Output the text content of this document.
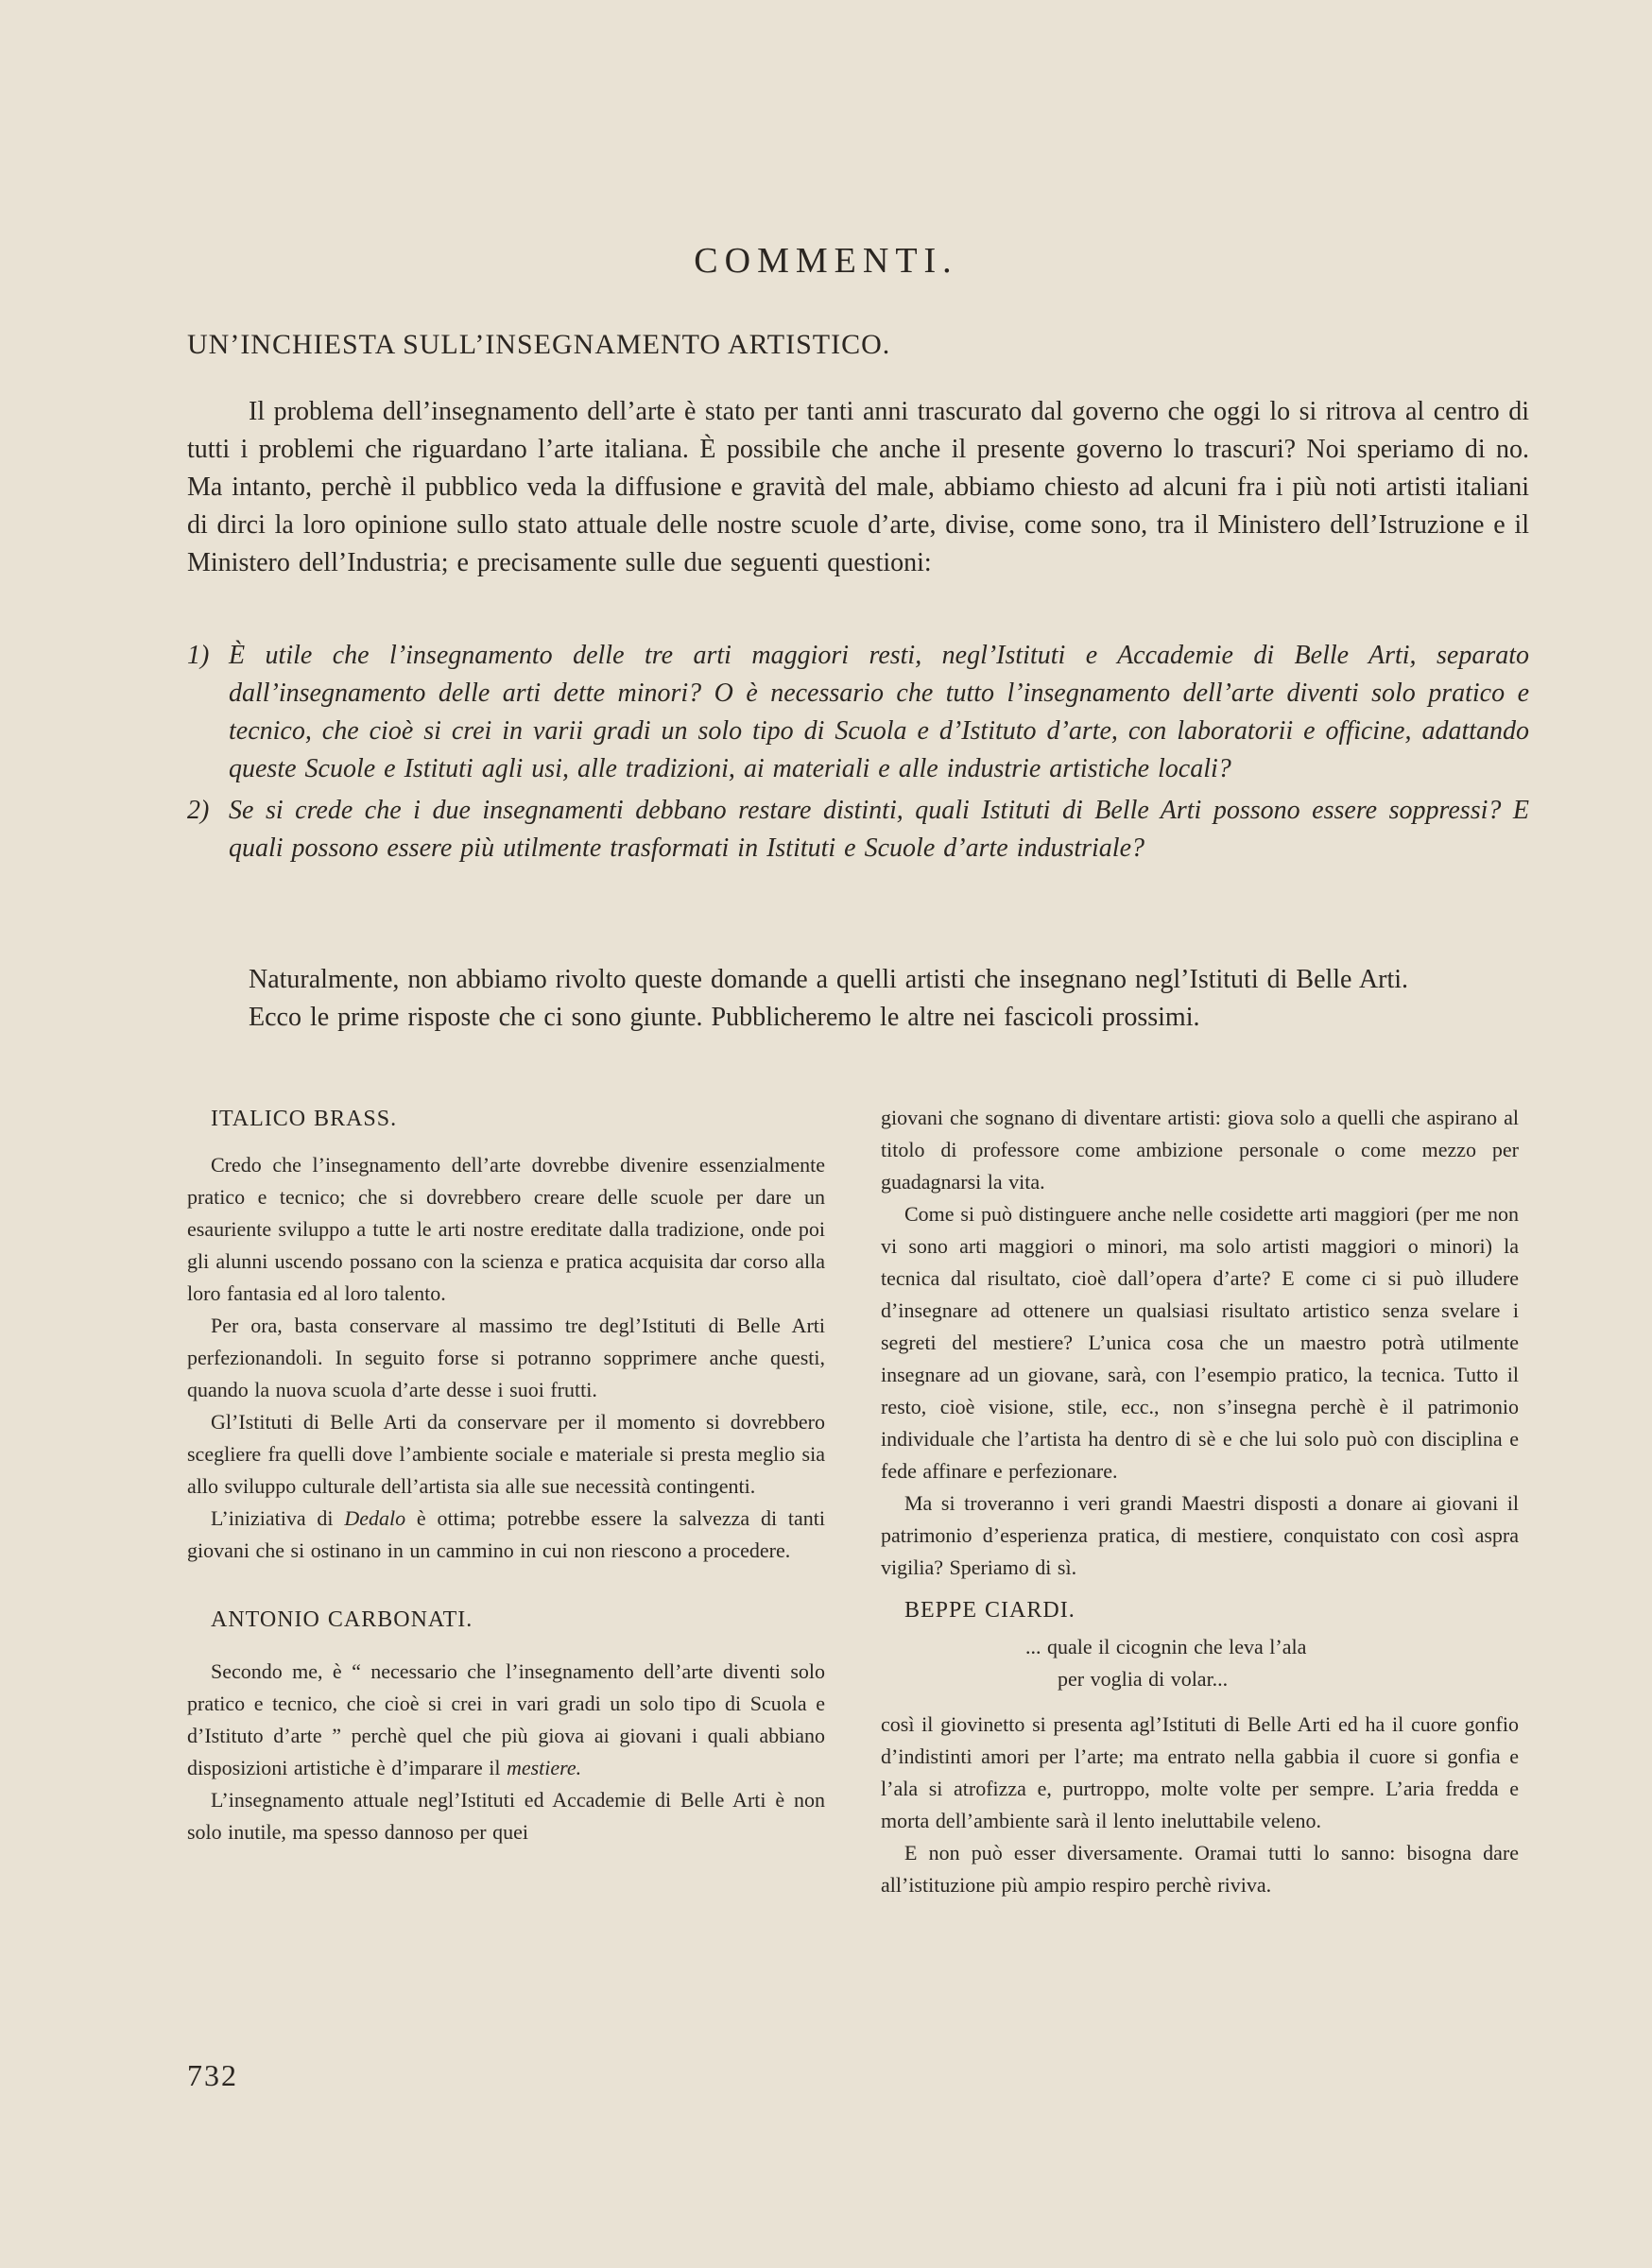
COMMENTI.
UN’INCHIESTA SULL’INSEGNAMENTO ARTISTICO.

Il problema dell’insegnamento dell’arte è stato per tanti anni trascurato dal governo che oggi lo si ritrova al centro di tutti i problemi che riguardano l’arte italiana. È possibile che anche il presente governo lo trascuri? Noi speriamo di no. Ma intanto, perchè il pubblico veda la diffusione e gravità del male, abbiamo chiesto ad alcuni fra i più noti artisti italiani di dirci la loro opinione sullo stato attuale delle nostre scuole d’arte, divise, come sono, tra il Ministero dell’Istruzione e il Ministero dell’Industria; e precisamente sulle due seguenti questioni:

1) È utile che l’insegnamento delle tre arti maggiori resti, negl’Istituti e Accademie di Belle Arti, separato dall’insegnamento delle arti dette minori? O è necessario che tutto l’insegnamento dell’arte diventi solo pratico e tecnico, che cioè si crei in varii gradi un solo tipo di Scuola e d’Istituto d’arte, con laboratorii e officine, adattando queste Scuole e Istituti agli usi, alle tradizioni, ai materiali e alle industrie artistiche locali?
2) Se si crede che i due insegnamenti debbano restare distinti, quali Istituti di Belle Arti possono essere soppressi? E quali possono essere più utilmente trasformati in Istituti e Scuole d’arte industriale?

Naturalmente, non abbiamo rivolto queste domande a quelli artisti che insegnano negl’Istituti di Belle Arti.

Ecco le prime risposte che ci sono giunte. Pubblicheremo le altre nei fascicoli prossimi.

ITALICO BRASS.

Credo che l’insegnamento dell’arte dovrebbe divenire essenzialmente pratico e tecnico; che si dovrebbero creare delle scuole per dare un esauriente sviluppo a tutte le arti nostre ereditate dalla tradizione, onde poi gli alunni uscendo possano con la scienza e pratica acquisita dar corso alla loro fantasia ed al loro talento.

Per ora, basta conservare al massimo tre degl’Istituti di Belle Arti perfezionandoli. In seguito forse si potranno sopprimere anche questi, quando la nuova scuola d’arte desse i suoi frutti.

Gl’Istituti di Belle Arti da conservare per il momento si dovrebbero scegliere fra quelli dove l’ambiente sociale e materiale si presta meglio sia allo sviluppo culturale dell’artista sia alle sue necessità contingenti.

L’iniziativa di Dedalo è ottima; potrebbe essere la salvezza di tanti giovani che si ostinano in un cammino in cui non riescono a procedere.

ANTONIO CARBONATI.

Secondo me, è “ necessario che l’insegnamento dell’arte diventi solo pratico e tecnico, che cioè si crei in vari gradi un solo tipo di Scuola e d’Istituto d’arte ” perchè quel che più giova ai giovani i quali abbiano disposizioni artistiche è d’imparare il mestiere.

L’insegnamento attuale negl’Istituti ed Accademie di Belle Arti è non solo inutile, ma spesso dannoso per quei

giovani che sognano di diventare artisti: giova solo a quelli che aspirano al titolo di professore come ambizione personale o come mezzo per guadagnarsi la vita.

Come si può distinguere anche nelle cosidette arti maggiori (per me non vi sono arti maggiori o minori, ma solo artisti maggiori o minori) la tecnica dal risultato, cioè dall’opera d’arte? E come ci si può illudere d’insegnare ad ottenere un qualsiasi risultato artistico senza svelare i segreti del mestiere? L’unica cosa che un maestro potrà utilmente insegnare ad un giovane, sarà, con l’esempio pratico, la tecnica. Tutto il resto, cioè visione, stile, ecc., non s’insegna perchè è il patrimonio individuale che l’artista ha dentro di sè e che lui solo può con disciplina e fede affinare e perfezionare.

Ma si troveranno i veri grandi Maestri disposti a donare ai giovani il patrimonio d’esperienza pratica, di mestiere, conquistato con così aspra vigilia? Speriamo di sì.

BEPPE CIARDI.

... quale il cicognin che leva l’ala

per voglia di volar...

così il giovinetto si presenta agl’Istituti di Belle Arti ed ha il cuore gonfio d’indistinti amori per l’arte; ma entrato nella gabbia il cuore si gonfia e l’ala si atrofizza e, purtroppo, molte volte per sempre. L’aria fredda e morta dell’ambiente sarà il lento ineluttabile veleno.

E non può esser diversamente. Oramai tutti lo sanno: bisogna dare all’istituzione più ampio respiro perchè riviva.

732
